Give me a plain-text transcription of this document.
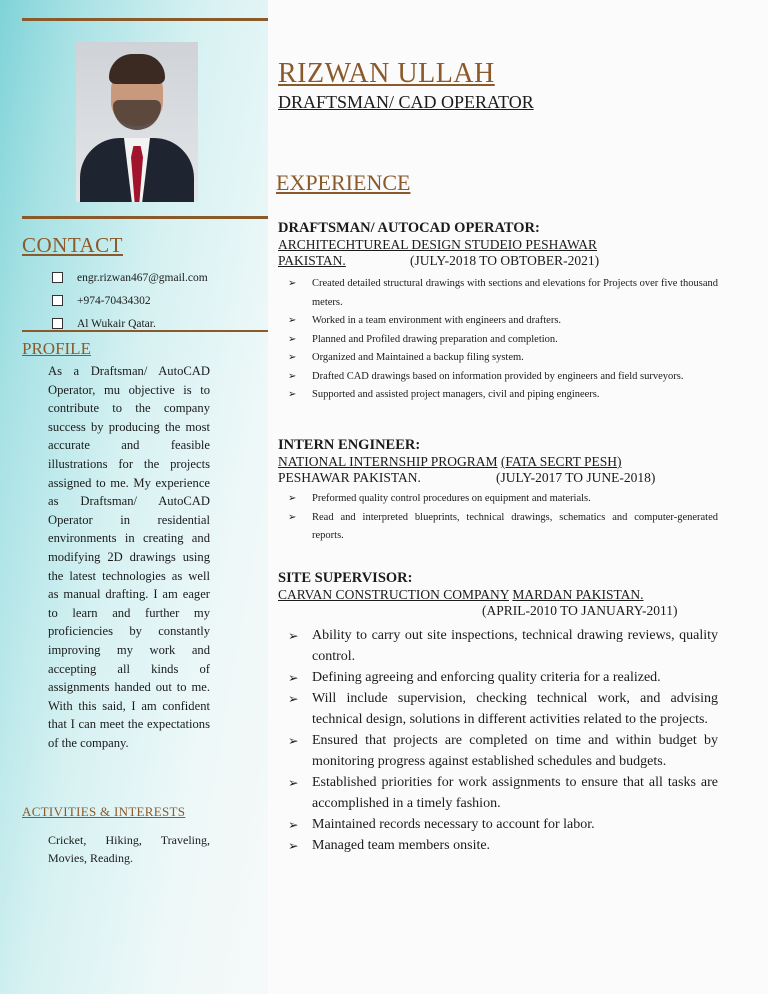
CONTACT
engr.rizwan467@gmail.com
+974-70434302
Al Wukair Qatar.
PROFILE
As a Draftsman/ AutoCAD Operator, mu objective is to contribute to the company success by producing the most accurate and feasible illustrations for the projects assigned to me. My experience as Draftsman/ AutoCAD Operator in residential environments in creating and modifying 2D drawings using the latest technologies as well as manual drafting. I am eager to learn and further my proficiencies by constantly improving my work and accepting all kinds of assignments handed out to me. With this said, I am confident that I can meet the expectations of the company.
ACTIVITIES & INTERESTS
Cricket, Hiking, Traveling, Movies, Reading.
RIZWAN ULLAH
DRAFTSMAN/ CAD OPERATOR
EXPERIENCE
DRAFTSMAN/ AUTOCAD OPERATOR:
ARCHITECHTUREAL DESIGN STUDEIO PESHAWAR
PAKISTAN.	(JULY-2018 TO OBTOBER-2021)
➢ Created detailed structural drawings with sections and elevations for Projects over five thousand meters.
➢ Worked in a team environment with engineers and drafters.
➢ Planned and Profiled drawing preparation and completion.
➢ Organized and Maintained a backup filing system.
➢ Drafted CAD drawings based on information provided by engineers and field surveyors.
➢ Supported and assisted project managers, civil and piping engineers.
INTERN ENGINEER:
NATIONAL INTERNSHIP PROGRAM (FATA SECRT PESH)
PESHAWAR PAKISTAN.	(JULY-2017 TO JUNE-2018)
➢ Preformed quality control procedures on equipment and materials.
➢ Read and interpreted blueprints, technical drawings, schematics and computer-generated reports.
SITE SUPERVISOR:
CARVAN CONSTRUCTION COMPANY MARDAN PAKISTAN.
(APRIL-2010 TO JANUARY-2011)
➢ Ability to carry out site inspections, technical drawing reviews, quality control.
➢ Defining agreeing and enforcing quality criteria for a realized.
➢ Will include supervision, checking technical work, and advising technical design, solutions in different activities related to the projects.
➢ Ensured that projects are completed on time and within budget by monitoring progress against established schedules and budgets.
➢ Established priorities for work assignments to ensure that all tasks are accomplished in a timely fashion.
➢ Maintained records necessary to account for labor.
➢ Managed team members onsite.
